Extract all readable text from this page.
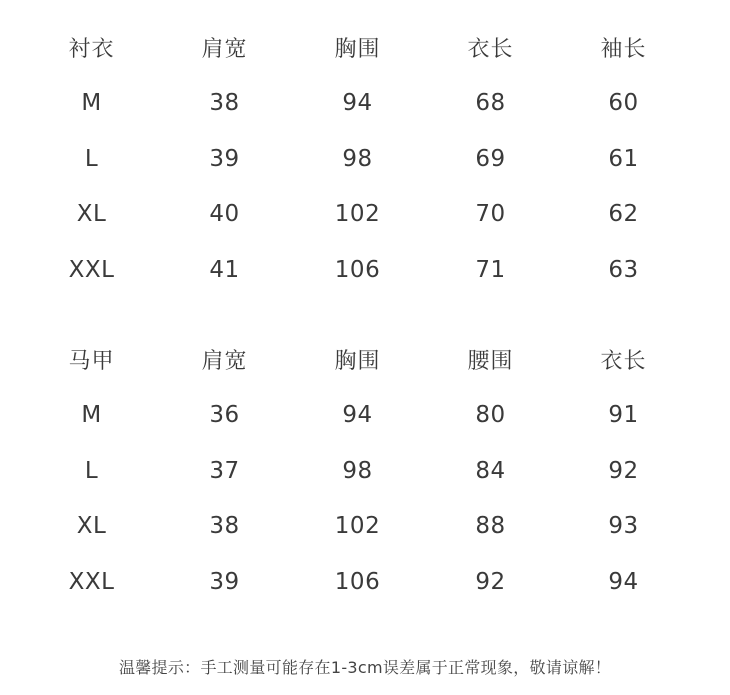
衬衣	肩宽	胸围	衣长	袖长
M	38	94	68	60
L	39	98	69	61
XL	40	102	70	62
XXL	41	106	71	63
马甲	肩宽	胸围	腰围	衣长
M	36	94	80	91
L	37	98	84	92
XL	38	102	88	93
XXL	39	106	92	94
温馨提示：手工测量可能存在1-3cm误差属于正常现象，敬请谅解！
